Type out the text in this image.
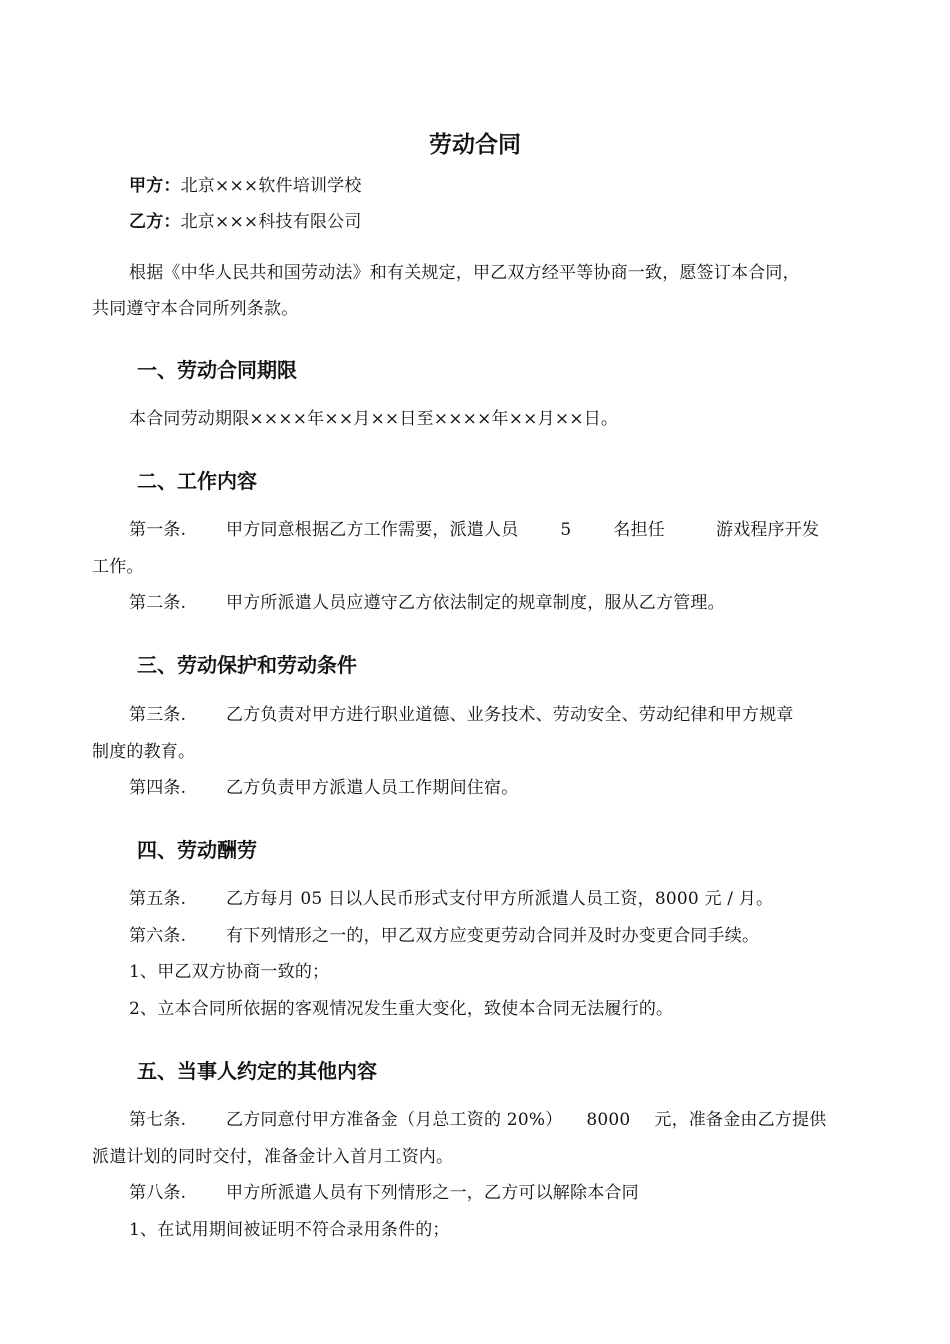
劳动合同
甲方：北京×××软件培训学校
乙方：北京×××科技有限公司
根据《中华人民共和国劳动法》和有关规定，甲乙双方经平等协商一致，愿签订本合同，
共同遵守本合同所列条款。
一、劳动合同期限
本合同劳动期限××××年××月××日至××××年××月××日。
二、工作内容
第一条. 甲方同意根据乙方工作需要，派遣人员 5 名担任	游戏程序开发
工作。
第二条. 甲方所派遣人员应遵守乙方依法制定的规章制度，服从乙方管理。
三、劳动保护和劳动条件
第三条. 乙方负责对甲方进行职业道德、业务技术、劳动安全、劳动纪律和甲方规章
制度的教育。
第四条. 乙方负责甲方派遣人员工作期间住宿。
四、劳动酬劳
第五条. 乙方每月 05 日以人民币形式支付甲方所派遣人员工资，8000 元 / 月。
第六条. 有下列情形之一的，甲乙双方应变更劳动合同并及时办变更合同手续。
1、甲乙双方协商一致的；
2、立本合同所依据的客观情况发生重大变化，致使本合同无法履行的。
五、当事人约定的其他内容
第七条. 乙方同意付甲方准备金（月总工资的 20%） 8000 元，准备金由乙方提供
派遣计划的同时交付，准备金计入首月工资内。
第八条. 甲方所派遣人员有下列情形之一，乙方可以解除本合同
1、在试用期间被证明不符合录用条件的；
